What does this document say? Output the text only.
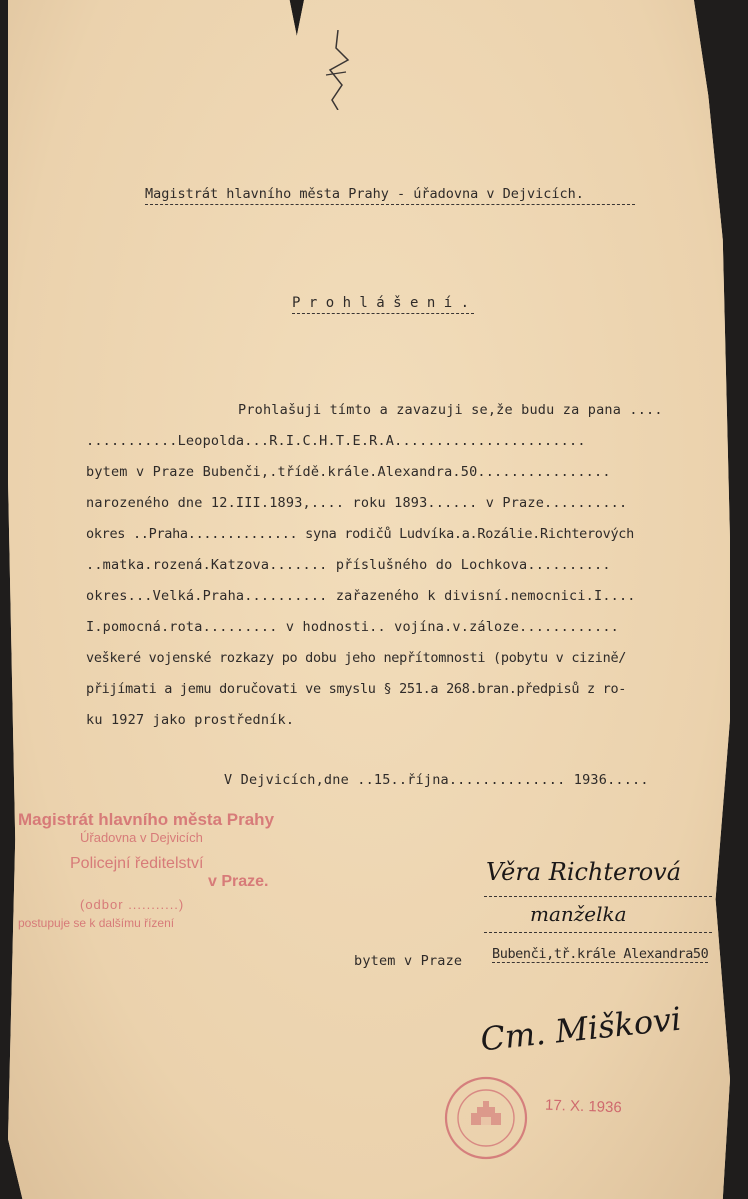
Magistrát hlavního města Prahy - úřadovna v Dejvicích.
P r o h l á š e n í .
Prohlašuji tímto a zavazuji se,že budu za pana ....
...........Leopolda...R.I.C.H.T.E.R.A.......................
bytem v Praze Bubenči,.třídě.krále.Alexandra.50................
narozeného dne 12.III.1893,.... roku 1893...... v Praze..........
okres ..Praha.............. syna rodičů Ludvíka.a.Rozálie.Richterových
..matka.rozená.Katzova....... příslušného do Lochkova..........
okres...Velká.Praha.......... zařazeného k divisní.nemocnici.I....
I.pomocná.rota......... v hodnosti.. vojína.v.záloze............
veškeré vojenské rozkazy po dobu jeho nepřítomnosti (pobytu v cizině/
přijímati a jemu doručovati ve smyslu § 251.a 268.bran.předpisů z ro-
ku 1927 jako prostředník.
V Dejvicích,dne ..15..října.............. 1936.....
Magistrát hlavního města Prahy
Úřadovna v Dejvicích
Policejní ředitelství
v Praze.
(odbor ...........)
postupuje se k dalšímu řízení
Věra Richterová
manželka
bytem v Praze Bubenči,tř.krále Alexandra50
Cm. Miškovi
17. X. 1936
